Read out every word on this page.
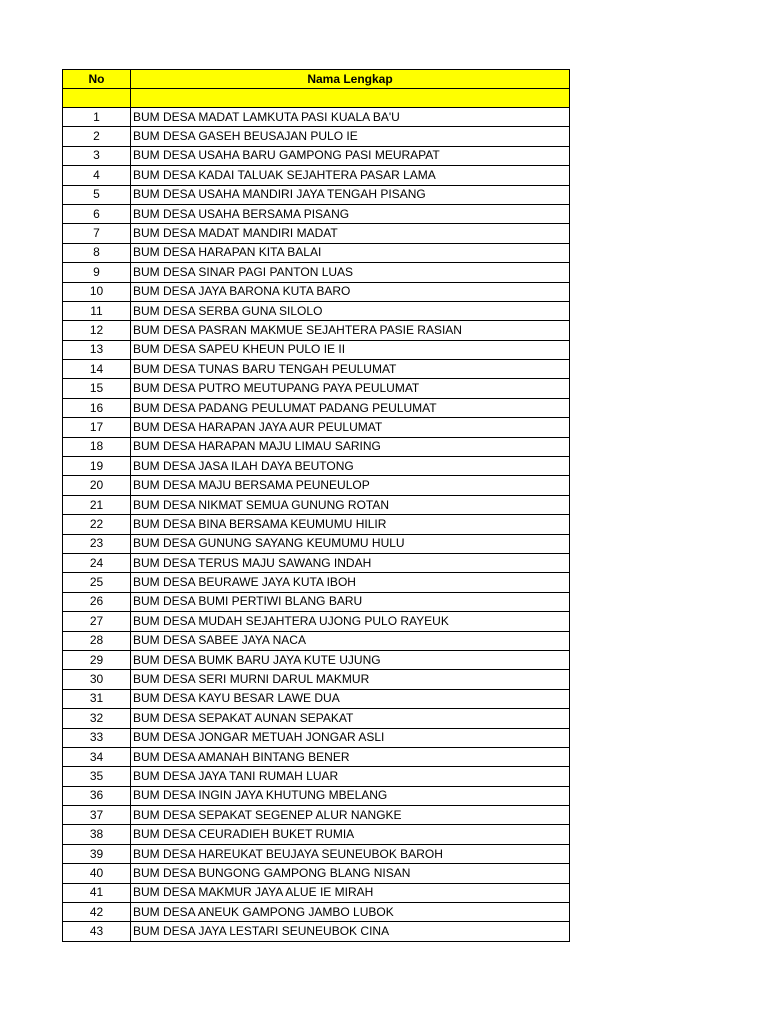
No	Nama Lengkap

1	BUM DESA MADAT LAMKUTA PASI KUALA BA'U
2	BUM DESA GASEH BEUSAJAN PULO IE
3	BUM DESA USAHA BARU GAMPONG PASI MEURAPAT
4	BUM DESA KADAI TALUAK SEJAHTERA PASAR LAMA
5	BUM DESA USAHA MANDIRI JAYA TENGAH PISANG
6	BUM DESA USAHA BERSAMA PISANG
7	BUM DESA MADAT MANDIRI MADAT
8	BUM DESA HARAPAN KITA BALAI
9	BUM DESA SINAR PAGI PANTON LUAS
10	BUM DESA JAYA BARONA KUTA BARO
11	BUM DESA SERBA GUNA SILOLO
12	BUM DESA PASRAN MAKMUE SEJAHTERA PASIE RASIAN
13	BUM DESA SAPEU KHEUN PULO IE II
14	BUM DESA TUNAS BARU TENGAH PEULUMAT
15	BUM DESA PUTRO MEUTUPANG PAYA PEULUMAT
16	BUM DESA PADANG PEULUMAT PADANG PEULUMAT
17	BUM DESA HARAPAN JAYA AUR PEULUMAT
18	BUM DESA HARAPAN MAJU LIMAU SARING
19	BUM DESA JASA ILAH DAYA BEUTONG
20	BUM DESA MAJU BERSAMA PEUNEULOP
21	BUM DESA NIKMAT SEMUA GUNUNG ROTAN
22	BUM DESA BINA BERSAMA KEUMUMU HILIR
23	BUM DESA GUNUNG SAYANG KEUMUMU HULU
24	BUM DESA TERUS MAJU SAWANG INDAH
25	BUM DESA BEURAWE JAYA KUTA IBOH
26	BUM DESA BUMI PERTIWI BLANG BARU
27	BUM DESA MUDAH SEJAHTERA UJONG PULO RAYEUK
28	BUM DESA SABEE JAYA NACA
29	BUM DESA BUMK BARU JAYA KUTE UJUNG
30	BUM DESA SERI MURNI DARUL MAKMUR
31	BUM DESA KAYU BESAR LAWE DUA
32	BUM DESA SEPAKAT AUNAN SEPAKAT
33	BUM DESA JONGAR METUAH JONGAR ASLI
34	BUM DESA AMANAH BINTANG BENER
35	BUM DESA JAYA TANI RUMAH LUAR
36	BUM DESA INGIN JAYA KHUTUNG MBELANG
37	BUM DESA SEPAKAT SEGENEP ALUR NANGKE
38	BUM DESA CEURADIEH BUKET RUMIA
39	BUM DESA HAREUKAT BEUJAYA SEUNEUBOK BAROH
40	BUM DESA BUNGONG GAMPONG BLANG NISAN
41	BUM DESA MAKMUR JAYA ALUE IE MIRAH
42	BUM DESA ANEUK GAMPONG JAMBO LUBOK
43	BUM DESA JAYA LESTARI SEUNEUBOK CINA
